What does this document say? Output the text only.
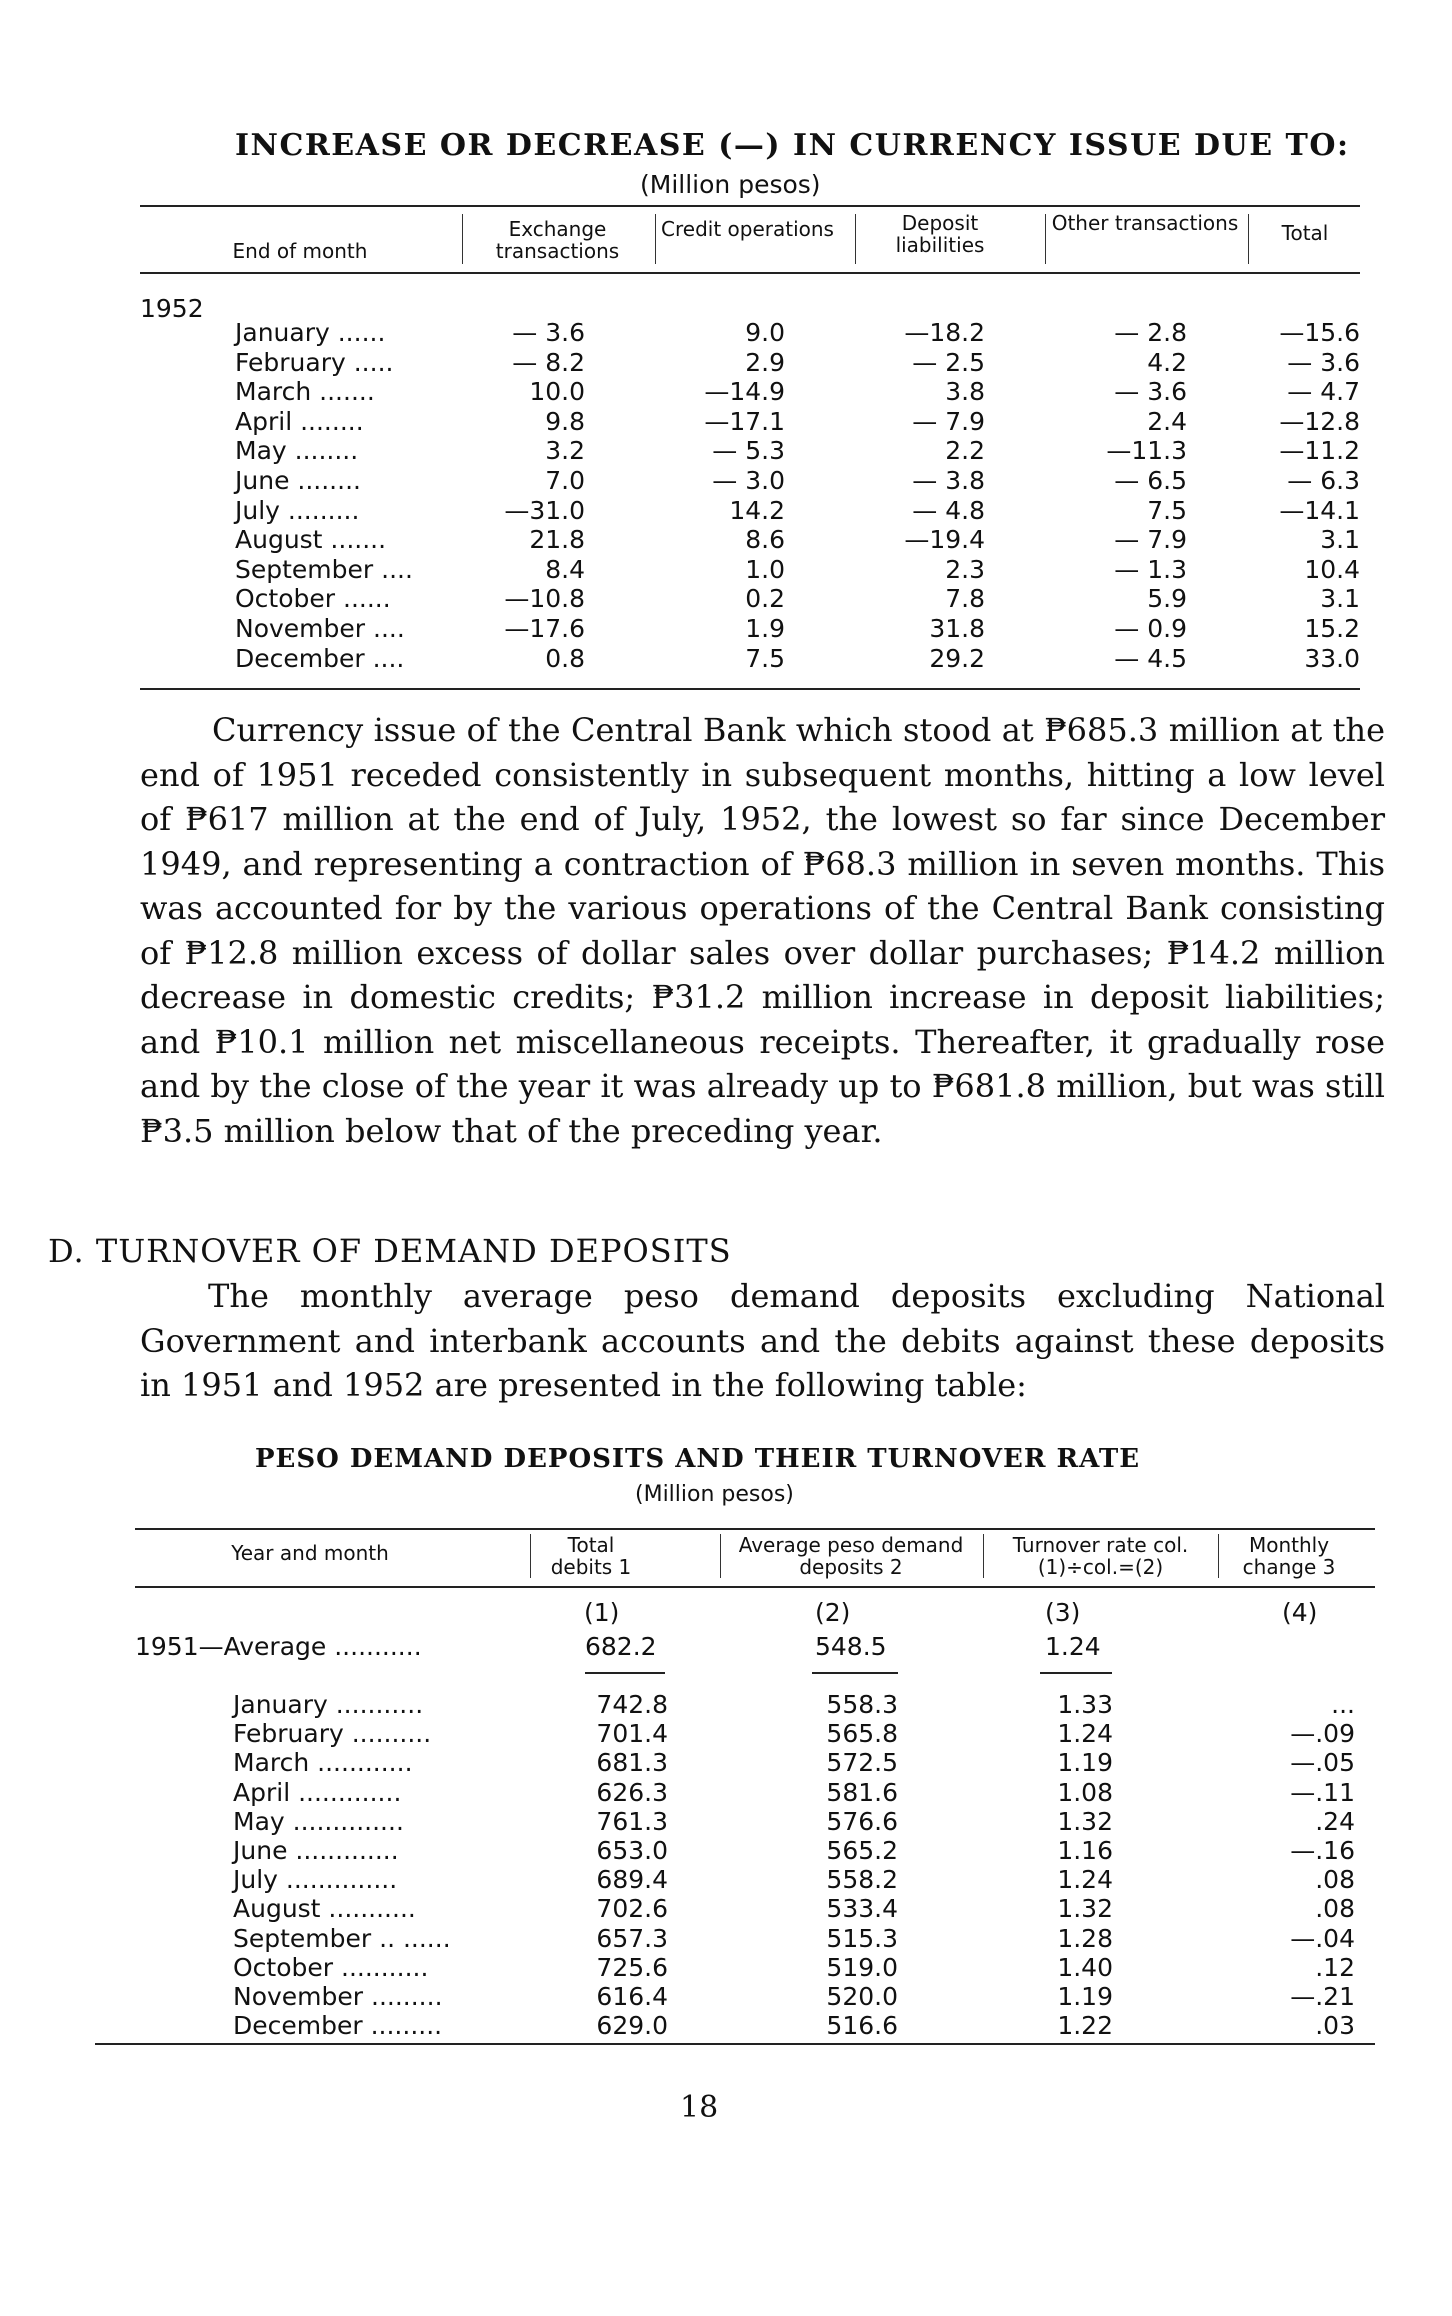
INCREASE OR DECREASE (—) IN CURRENCY ISSUE DUE TO:
(Million pesos)
End of month
Exchange transactions
Credit operations	Deposit liabilities
Other transactions	Total
1952
January ......	— 3.6	9.0	—18.2	— 2.8	—15.6
February .....	— 8.2	2.9	— 2.5	4.2	— 3.6
March .......	10.0	—14.9	3.8	— 3.6	— 4.7
April ........	9.8	—17.1	— 7.9	2.4	—12.8
May ........	3.2	— 5.3	2.2	—11.3	—11.2
June ........	7.0	— 3.0	— 3.8	— 6.5	— 6.3
July .........	—31.0	14.2	— 4.8	7.5	—14.1
August .......	21.8	8.6	—19.4	— 7.9	3.1
September ....	8.4	1.0	2.3	— 1.3	10.4
October ......	—10.8	0.2	7.8	5.9	3.1
November ....	—17.6	1.9	31.8	— 0.9	15.2
December ....	0.8	7.5	29.2	— 4.5	33.0
Currency issue of the Central Bank which stood at ₱685.3 million at the end of 1951 receded consistently in subsequent months, hitting a low level of ₱617 million at the end of July, 1952, the lowest so far since December 1949, and representing a contraction of ₱68.3 million in seven months. This was accounted for by the various operations of the Central Bank consisting of ₱12.8 million excess of dollar sales over dollar purchases; ₱14.2 million decrease in domestic credits; ₱31.2 million increase in deposit liabilities; and ₱10.1 million net miscellaneous receipts. Thereafter, it gradually rose and by the close of the year it was already up to ₱681.8 million, but was still ₱3.5 million below that of the preceding year.
D. TURNOVER OF DEMAND DEPOSITS
The monthly average peso demand deposits excluding National Government and interbank accounts and the debits against these deposits in 1951 and 1952 are presented in the following table:
PESO DEMAND DEPOSITS AND THEIR TURNOVER RATE
(Million pesos)
Year and month	Total debits 1
Average peso demand deposits 2
Turnover rate col. (1)÷col.=(2)
Monthly change 3
(1)	(2)	(3)	(4)
1951—Average ...........	682.2	548.5	1.24
January ...........	742.8	558.3	1.33	...
February ..........	701.4	565.8	1.24	—.09
March ............	681.3	572.5	1.19	—.05
April .............	626.3	581.6	1.08	—.11
May ..............	761.3	576.6	1.32	.24
June .............	653.0	565.2	1.16	—.16
July ..............	689.4	558.2	1.24	.08
August ...........	702.6	533.4	1.32	.08
September .. ......	657.3	515.3	1.28	—.04
October ...........	725.6	519.0	1.40	.12
November .........	616.4	520.0	1.19	—.21
December .........	629.0	516.6	1.22	.03
18
